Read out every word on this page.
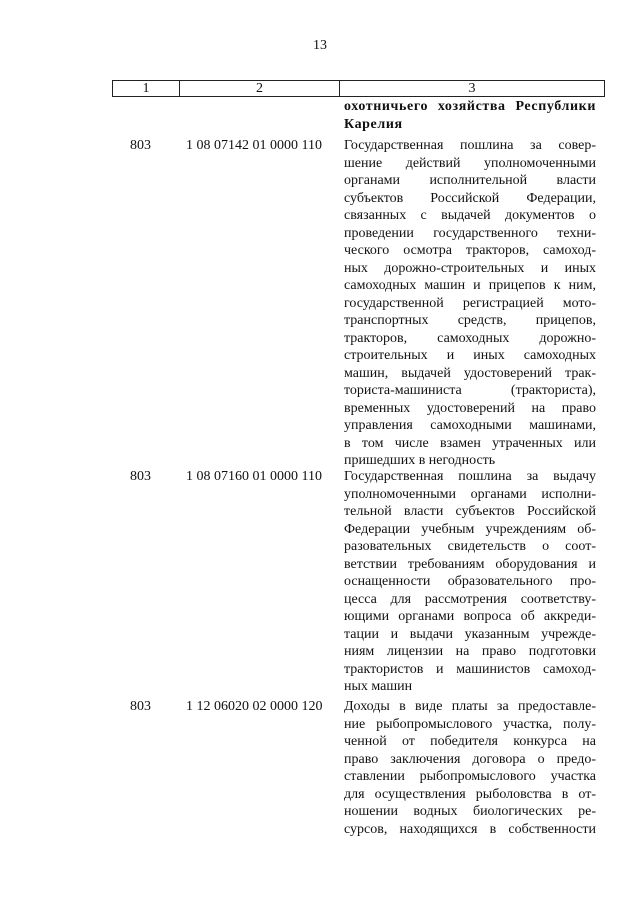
13
1	2	3
охотничьего хозяйства Республики
Карелия
803	1 08 07142 01 0000 110	Государственная пошлина за совер-
шение действий уполномоченными
органами исполнительной власти
субъектов Российской Федерации,
связанных с выдачей документов о
проведении государственного техни-
ческого осмотра тракторов, самоход-
ных дорожно-строительных и иных
самоходных машин и прицепов к ним,
государственной регистрацией мото-
транспортных средств, прицепов,
тракторов, самоходных дорожно-
строительных и иных самоходных
машин, выдачей удостоверений трак-
ториста-машиниста (тракториста),
временных удостоверений на право
управления самоходными машинами,
в том числе взамен утраченных или
пришедших в негодность
803	1 08 07160 01 0000 110	Государственная пошлина за выдачу
уполномоченными органами исполни-
тельной власти субъектов Российской
Федерации учебным учреждениям об-
разовательных свидетельств о соот-
ветствии требованиям оборудования и
оснащенности образовательного про-
цесса для рассмотрения соответству-
ющими органами вопроса об аккреди-
тации и выдачи указанным учрежде-
ниям лицензии на право подготовки
трактористов и машинистов самоход-
ных машин
803	1 12 06020 02 0000 120	Доходы в виде платы за предоставле-
ние рыбопромыслового участка, полу-
ченной от победителя конкурса на
право заключения договора о предо-
ставлении рыбопромыслового участка
для осуществления рыболовства в от-
ношении водных биологических ре-
сурсов, находящихся в собственности
